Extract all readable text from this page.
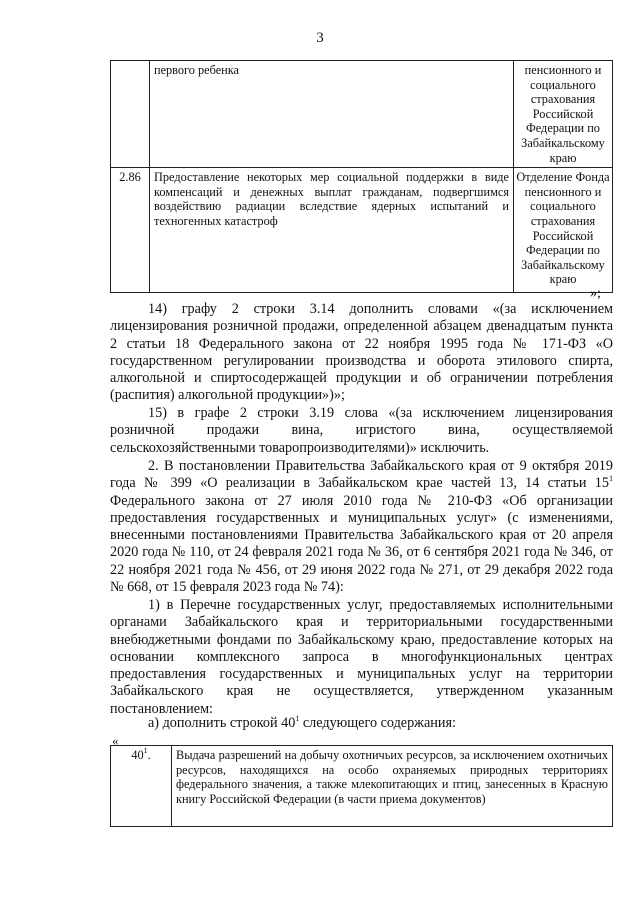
3
	первого ребенка	пенсионного и социального страхования Российской Федерации по Забайкальскому краю
2.86	Предоставление некоторых мер социальной поддержки в виде компенсаций и денежных выплат гражданам, подвергшимся воздействию радиации вследствие ядерных испытаний и техногенных катастроф	Отделение Фонда пенсионного и социального страхования Российской Федерации по Забайкальскому краю
»;

14) графу 2 строки 3.14 дополнить словами «(за исключением лицензирования розничной продажи, определенной абзацем двенадцатым пункта 2 статьи 18 Федерального закона от 22 ноября 1995 года № 171-ФЗ «О государственном регулировании производства и оборота этилового спирта, алкогольной и спиртосодержащей продукции и об ограничении потребления (распития) алкогольной продукции»)»;

15) в графе 2 строки 3.19 слова «(за исключением лицензирования розничной продажи вина, игристого вина, осуществляемой сельскохозяйственными товаропроизводителями)» исключить.

2. В постановлении Правительства Забайкальского края от 9 октября 2019 года № 399 «О реализации в Забайкальском крае частей 13, 14 статьи $15^1$ Федерального закона от 27 июля 2010 года № 210-ФЗ «Об организации предоставления государственных и муниципальных услуг» (с изменениями, внесенными постановлениями Правительства Забайкальского края от 20 апреля 2020 года № 110, от 24 февраля 2021 года № 36, от 6 сентября 2021 года № 346, от 22 ноября 2021 года № 456, от 29 июня 2022 года № 271, от 29 декабря 2022 года № 668, от 15 февраля 2023 года № 74):

1) в Перечне государственных услуг, предоставляемых исполнительными органами Забайкальского края и территориальными государственными внебюджетными фондами по Забайкальскому краю, предоставление которых на основании комплексного запроса в многофункциональных центрах предоставления государственных и муниципальных услуг на территории Забайкальского края не осуществляется, утвержденном указанным постановлением:

а) дополнить строкой $40^1$ следующего содержания:

«
$40^1$.	Выдача разрешений на добычу охотничьих ресурсов, за исключением охотничьих ресурсов, находящихся на особо охраняемых природных территориях федерального значения, а также млекопитающих и птиц, занесенных в Красную книгу Российской Федерации (в части приема документов)
